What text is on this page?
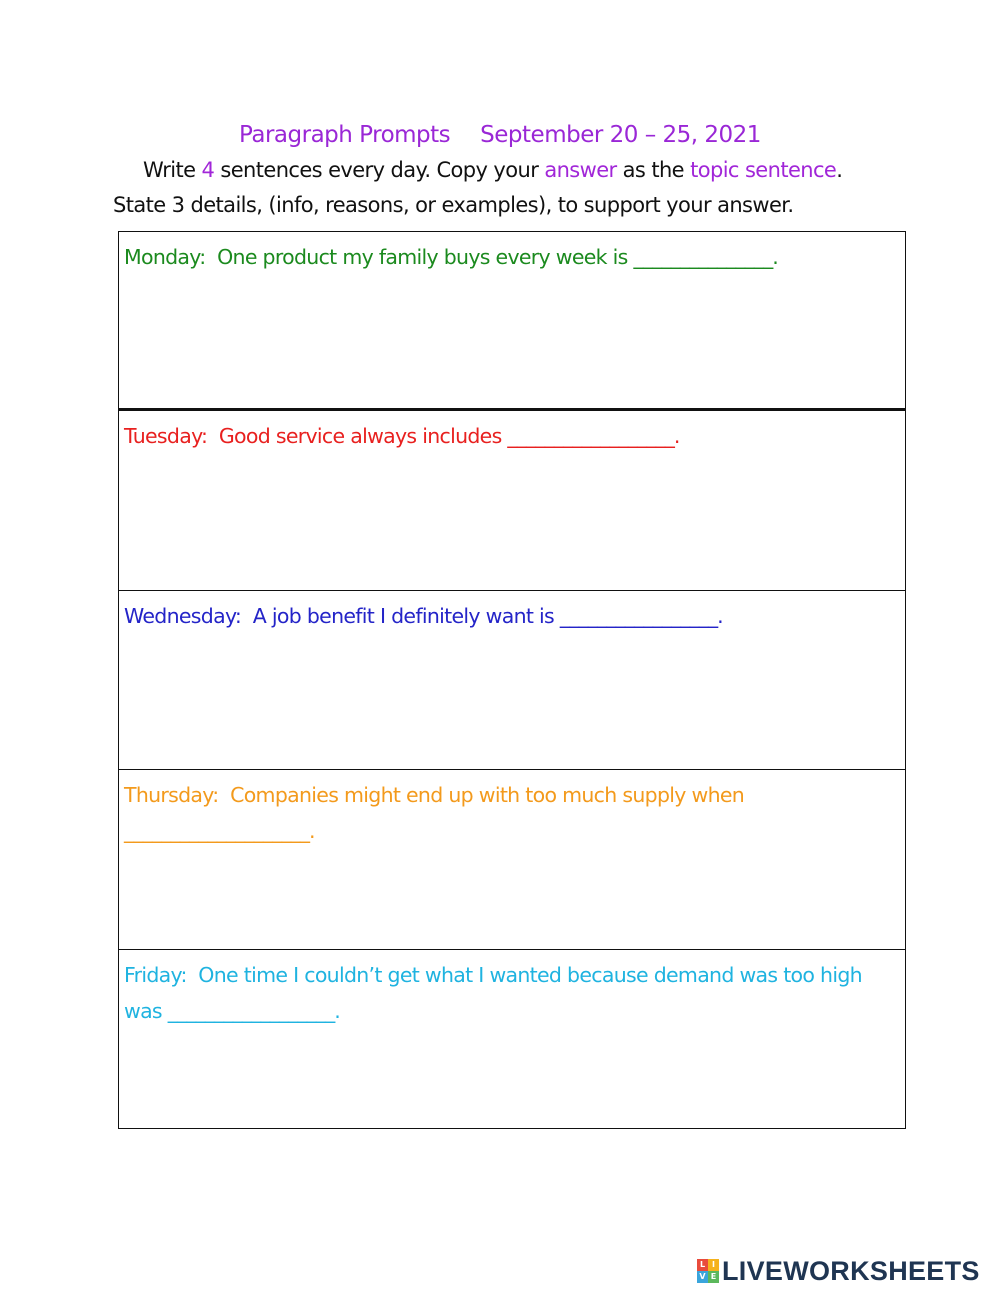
Paragraph Prompts September 20 – 25, 2021
Write 4 sentences every day. Copy your answer as the topic sentence.
State 3 details, (info, reasons, or examples), to support your answer.
Monday: One product my family buys every week is _______________.
Tuesday: Good service always includes __________________.
Wednesday: A job benefit I definitely want is _________________.
Thursday: Companies might end up with too much supply when ____________________.
Friday: One time I couldn’t get what I wanted because demand was too high was __________________.
L I
V E LIVEWORKSHEETS
